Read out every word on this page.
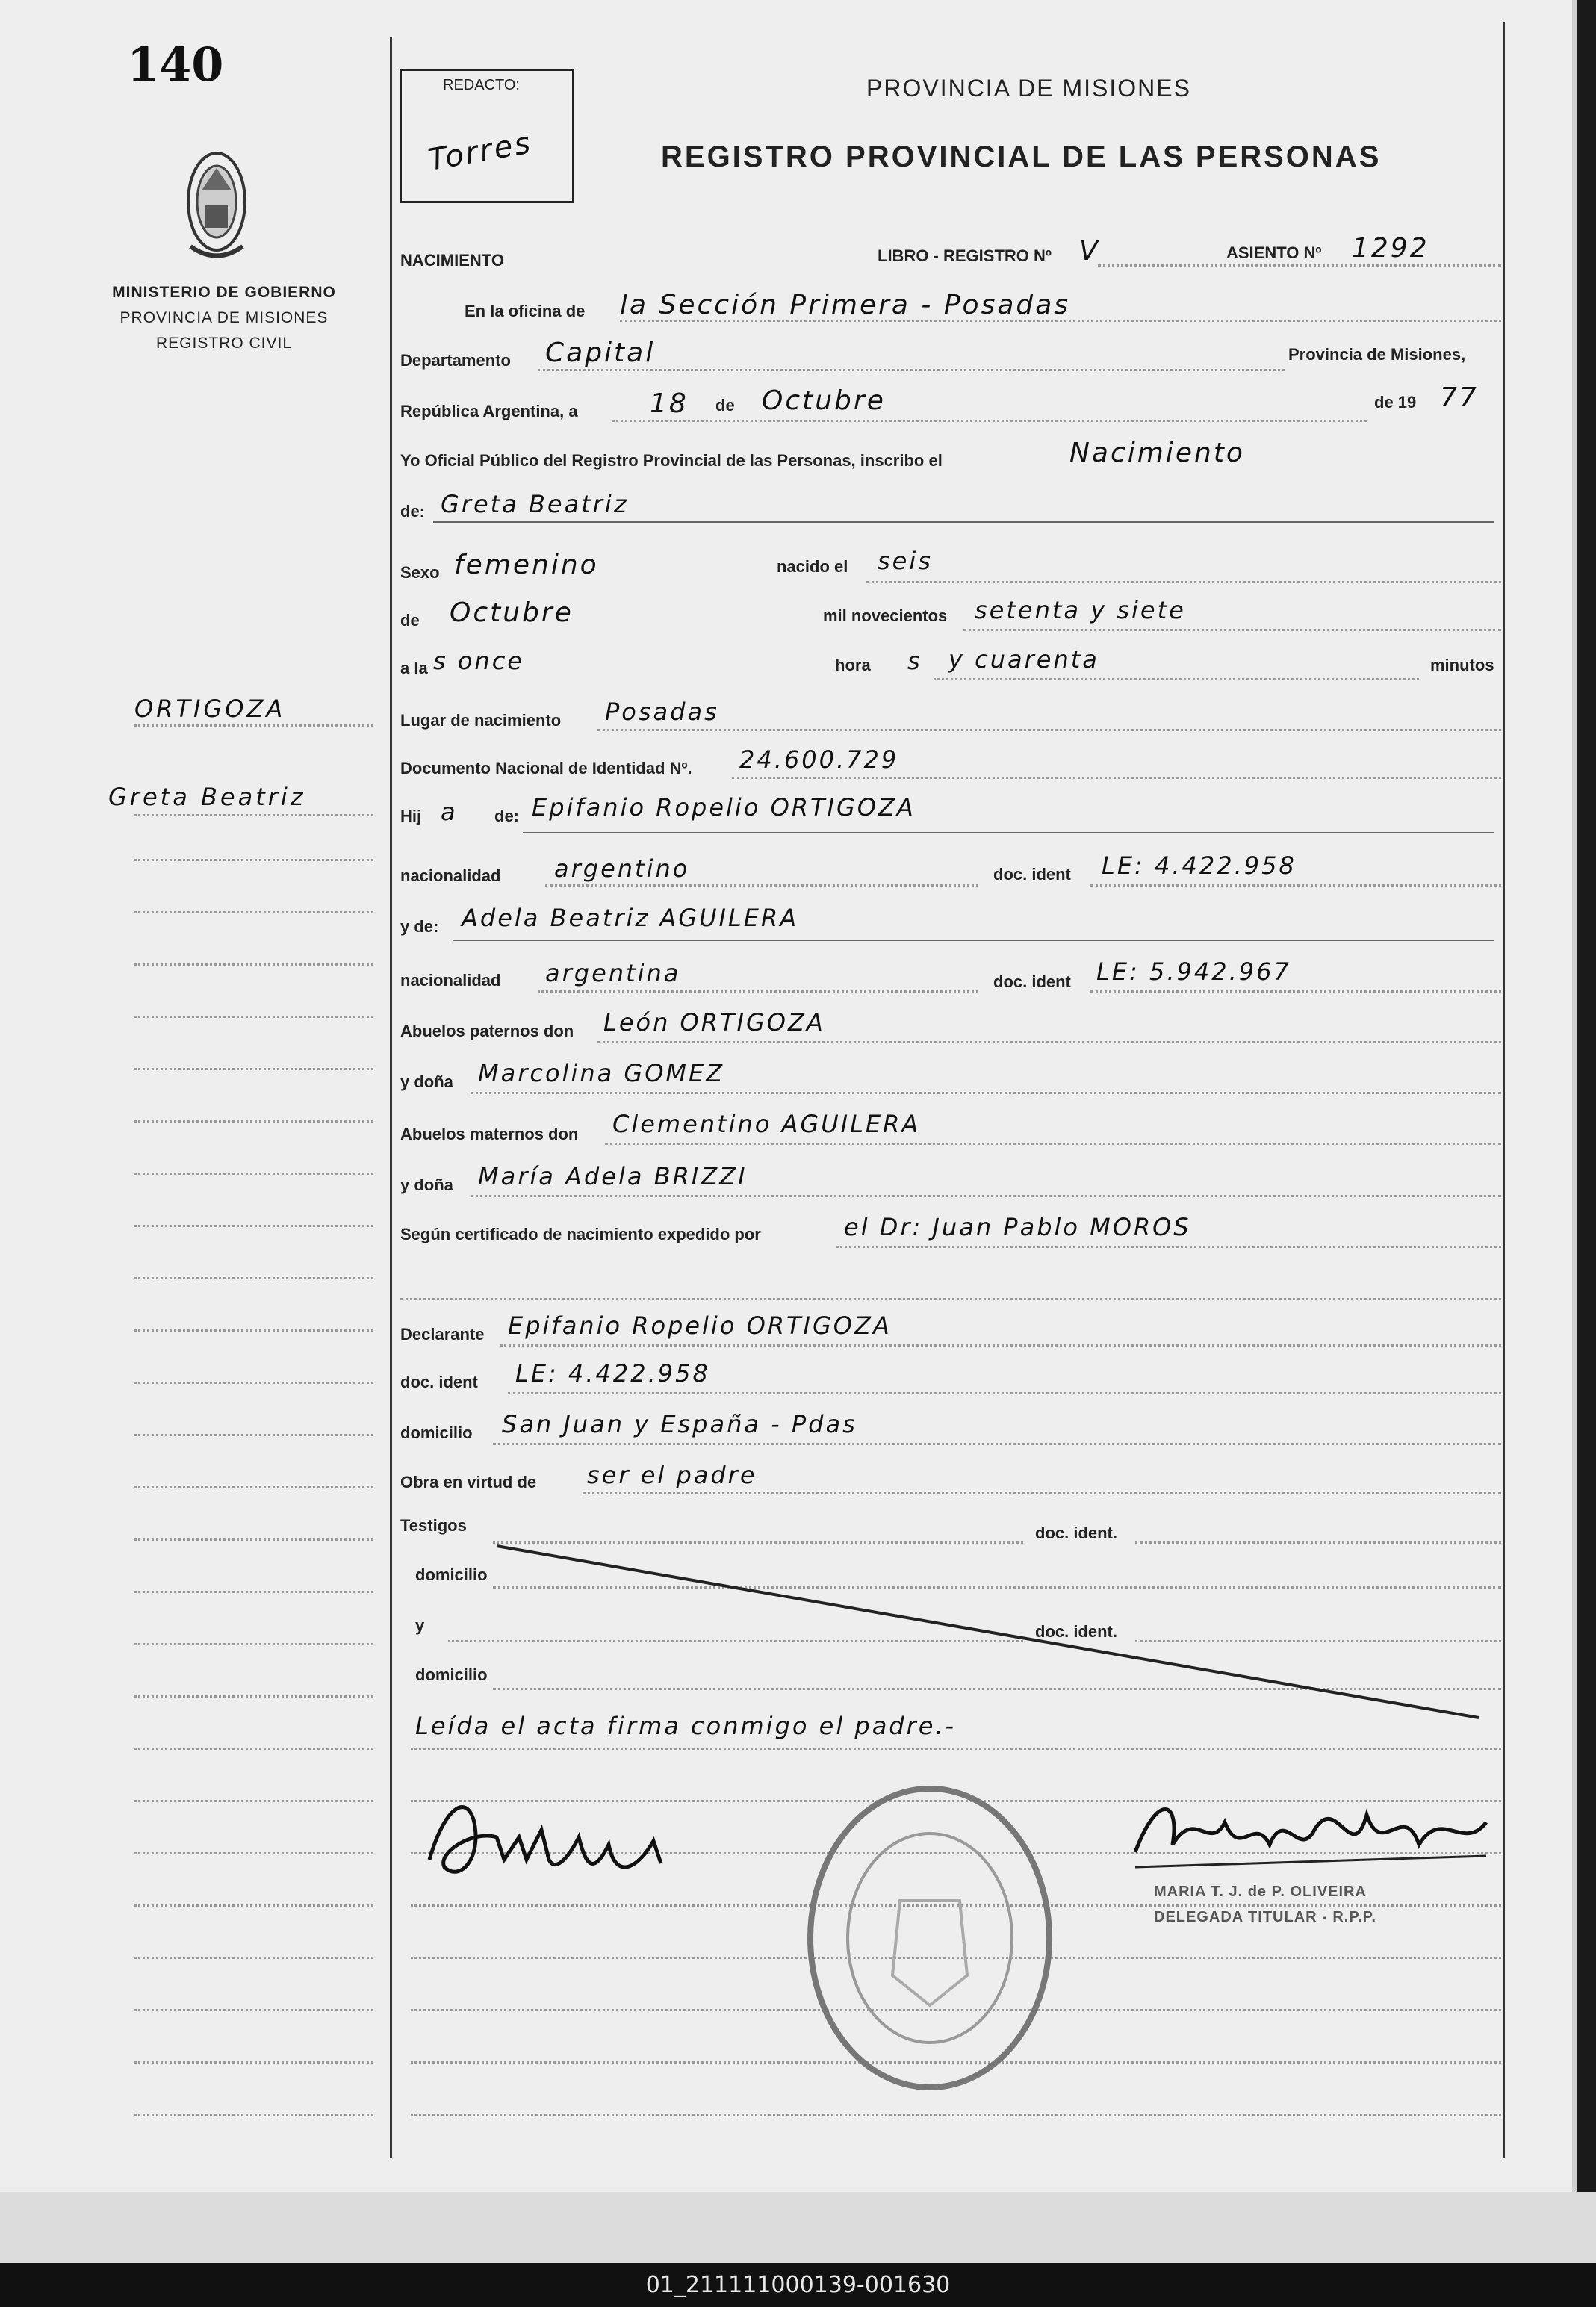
01_211111000139-001630
140
MINISTERIO DE GOBIERNO
PROVINCIA DE MISIONES
REGISTRO CIVIL
ORTIGOZA
Greta Beatriz
REDACTO:
Torres
PROVINCIA DE MISIONES
REGISTRO PROVINCIAL DE LAS PERSONAS
NACIMIENTO	LIBRO - REGISTRO Nº V	ASIENTO Nº 1292
En la oficina de la Sección Primera - Posadas
Departamento Capital	Provincia de Misiones,
República Argentina, a	18 de Octubre	de 19 77
Yo Oficial Público del Registro Provincial de las Personas, inscribo el	Nacimiento
de: Greta Beatriz
Sexo femenino	nacido el seis
de Octubre	mil novecientos setenta y siete
a la s once	hora s y cuarenta	minutos
Lugar de nacimiento Posadas
Documento Nacional de Identidad Nº. 24.600.729
Hij a de: Epifanio Ropelio ORTIGOZA
nacionalidad argentino	doc. ident LE: 4.422.958
y de: Adela Beatriz AGUILERA
nacionalidad argentina	doc. ident LE: 5.942.967
Abuelos paternos don León ORTIGOZA
y doña Marcolina GOMEZ
Abuelos maternos don Clementino AGUILERA
y doña María Adela BRIZZI
Según certificado de nacimiento expedido por	el Dr: Juan Pablo MOROS
Declarante Epifanio Ropelio ORTIGOZA
doc. ident LE: 4.422.958
domicilio San Juan y España - Pdas
Obra en virtud de ser el padre
Testigos	doc. ident.
domicilio
y	doc. ident.
domicilio
Leída el acta firma conmigo el padre.-
MARIA T. J. de P. OLIVEIRA
DELEGADA TITULAR - R.P.P.
